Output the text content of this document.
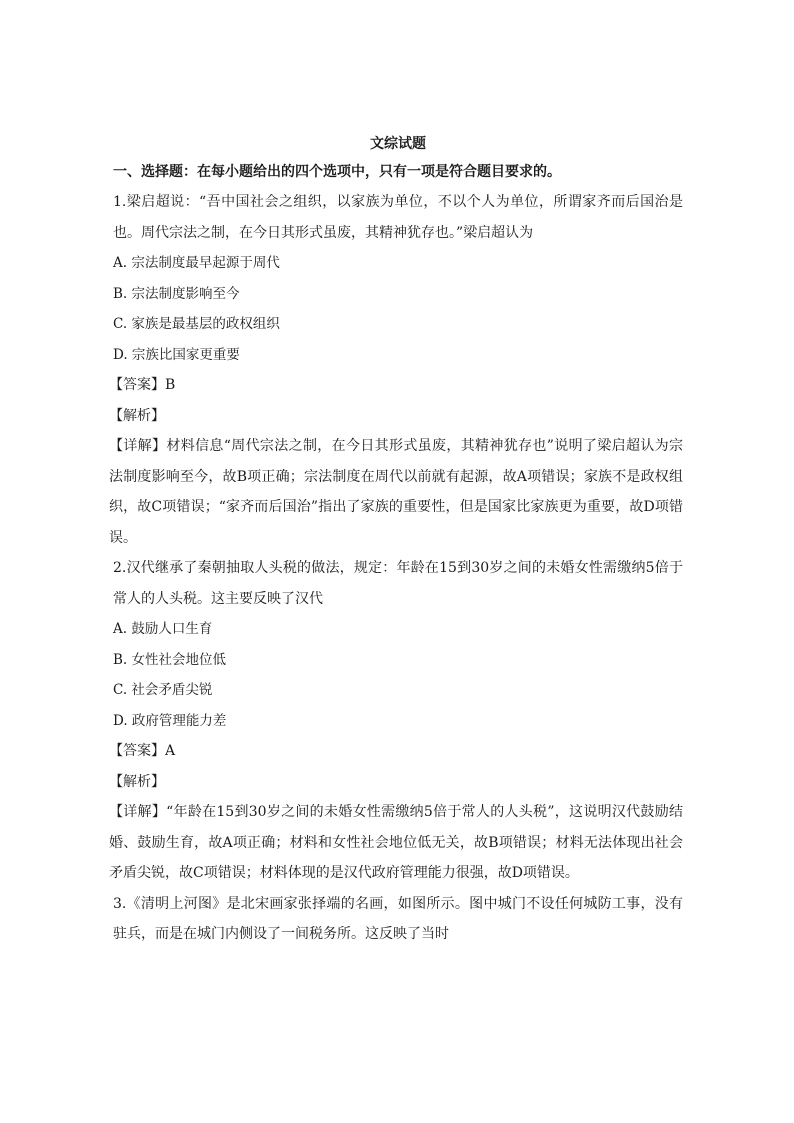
文综试题
一、选择题：在每小题给出的四个选项中，只有一项是符合题目要求的。

1.梁启超说：“吾中国社会之组织，以家族为单位，不以个人为单位，所谓家齐而后国治是也。周代宗法之制，在今日其形式虽废，其精神犹存也。”梁启超认为

A. 宗法制度最早起源于周代

B. 宗法制度影响至今

C. 家族是最基层的政权组织

D. 宗族比国家更重要

【答案】B

【解析】

【详解】材料信息“周代宗法之制，在今日其形式虽废，其精神犹存也”说明了梁启超认为宗法制度影响至今，故B项正确；宗法制度在周代以前就有起源，故A项错误；家族不是政权组织，故C项错误；“家齐而后国治”指出了家族的重要性，但是国家比家族更为重要，故D项错误。

2.汉代继承了秦朝抽取人头税的做法，规定：年龄在15到30岁之间的未婚女性需缴纳5倍于常人的人头税。这主要反映了汉代

A. 鼓励人口生育

B. 女性社会地位低

C. 社会矛盾尖锐

D. 政府管理能力差

【答案】A

【解析】

【详解】“年龄在15到30岁之间的未婚女性需缴纳5倍于常人的人头税”，这说明汉代鼓励结婚、鼓励生育，故A项正确；材料和女性社会地位低无关，故B项错误；材料无法体现出社会矛盾尖锐，故C项错误；材料体现的是汉代政府管理能力很强，故D项错误。

3.《清明上河图》是北宋画家张择端的名画，如图所示。图中城门不设任何城防工事，没有驻兵，而是在城门内侧设了一间税务所。这反映了当时
